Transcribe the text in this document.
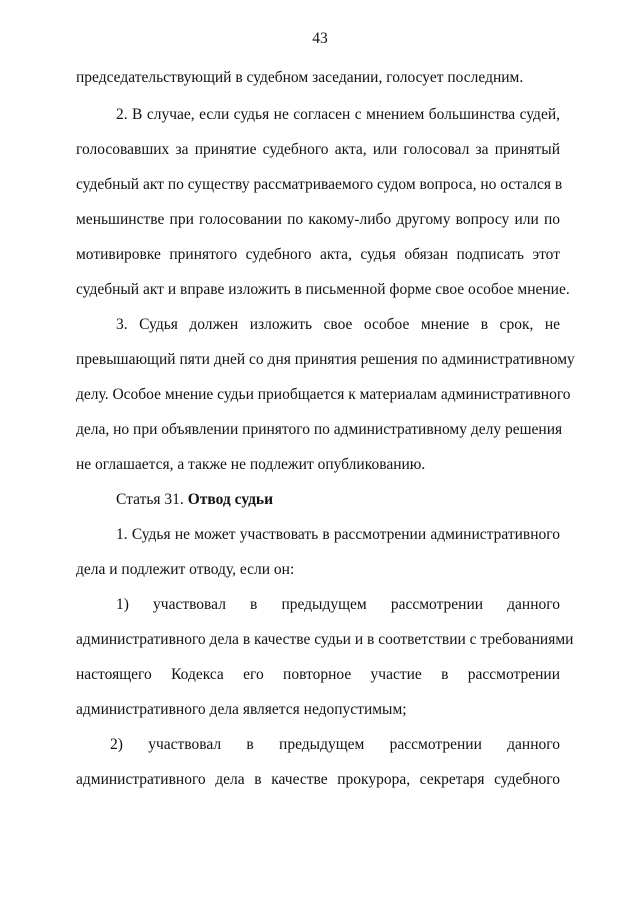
43
председательствующий в судебном заседании, голосует последним.
2. В случае, если судья не согласен с мнением большинства судей,
голосовавших за принятие судебного акта, или голосовал за принятый
судебный акт по существу рассматриваемого судом вопроса, но остался в
меньшинстве при голосовании по какому-либо другому вопросу или по
мотивировке принятого судебного акта, судья обязан подписать этот
судебный акт и вправе изложить в письменной форме свое особое мнение.
3. Судья должен изложить свое особое мнение в срок, не
превышающий пяти дней со дня принятия решения по административному
делу. Особое мнение судьи приобщается к материалам административного
дела, но при объявлении принятого по административному делу решения
не оглашается, а также не подлежит опубликованию.
Статья 31. Отвод судьи
1. Судья не может участвовать в рассмотрении административного
дела и подлежит отводу, если он:
1) участвовал в предыдущем рассмотрении данного
административного дела в качестве судьи и в соответствии с требованиями
настоящего Кодекса его повторное участие в рассмотрении
административного дела является недопустимым;
2) участвовал в предыдущем рассмотрении данного
административного дела в качестве прокурора, секретаря судебного
